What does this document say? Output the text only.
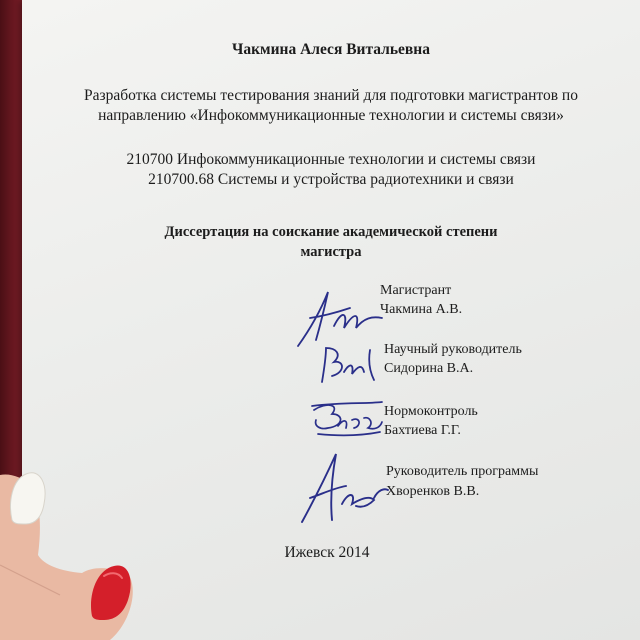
Чакмина Алеся Витальевна
Разработка системы тестирования знаний для подготовки магистрантов по
направлению «Инфокоммуникационные технологии и системы связи»
210700 Инфокоммуникационные технологии и системы связи
210700.68 Системы и устройства радиотехники и связи
Диссертация на соискание академической степени
магистра
Магистрант
Чакмина А.В.
Научный руководитель
Сидорина В.А.
Нормоконтроль
Бахтиева Г.Г.
Руководитель программы
Хворенков В.В.
Ижевск 2014
